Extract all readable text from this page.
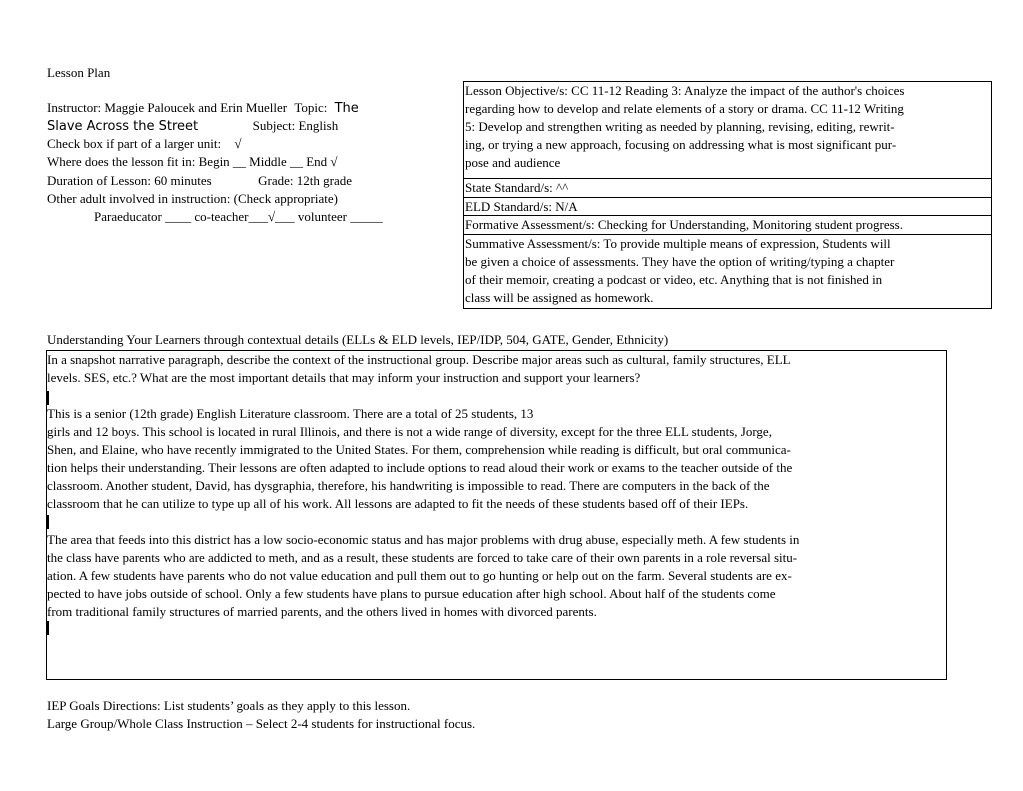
Lesson Plan
Instructor: Maggie Paloucek and Erin Mueller Topic: The
Slave Across the Street	Subject: English
Check box if part of a larger unit: √
Where does the lesson fit in: Begin __ Middle __ End √
Duration of Lesson: 60 minutes	Grade: 12th grade
Other adult involved in instruction: (Check appropriate)
Paraeducator ____ co-teacher___√___ volunteer _____
Lesson Objective/s: CC 11-12 Reading 3: Analyze the impact of the author's choices
regarding how to develop and relate elements of a story or drama. CC 11-12 Writing
5: Develop and strengthen writing as needed by planning, revising, editing, rewrit-
ing, or trying a new approach, focusing on addressing what is most significant pur-
pose and audience
State Standard/s: ^^
ELD Standard/s: N/A
Formative Assessment/s: Checking for Understanding, Monitoring student progress.
Summative Assessment/s: To provide multiple means of expression, Students will
be given a choice of assessments. They have the option of writing/typing a chapter
of their memoir, creating a podcast or video, etc. Anything that is not finished in
class will be assigned as homework.
Understanding Your Learners through contextual details (ELLs & ELD levels, IEP/IDP, 504, GATE, Gender, Ethnicity)
In a snapshot narrative paragraph, describe the context of the instructional group. Describe major areas such as cultural, family structures, ELL
levels. SES, etc.? What are the most important details that may inform your instruction and support your learners?
This is a senior (12th grade) English Literature classroom. There are a total of 25 students, 13
girls and 12 boys. This school is located in rural Illinois, and there is not a wide range of diversity, except for the three ELL students, Jorge,
Shen, and Elaine, who have recently immigrated to the United States. For them, comprehension while reading is difficult, but oral communica-
tion helps their understanding. Their lessons are often adapted to include options to read aloud their work or exams to the teacher outside of the
classroom. Another student, David, has dysgraphia, therefore, his handwriting is impossible to read. There are computers in the back of the
classroom that he can utilize to type up all of his work. All lessons are adapted to fit the needs of these students based off of their IEPs.
The area that feeds into this district has a low socio-economic status and has major problems with drug abuse, especially meth. A few students in
the class have parents who are addicted to meth, and as a result, these students are forced to take care of their own parents in a role reversal situ-
ation. A few students have parents who do not value education and pull them out to go hunting or help out on the farm. Several students are ex-
pected to have jobs outside of school. Only a few students have plans to pursue education after high school. About half of the students come
from traditional family structures of married parents, and the others lived in homes with divorced parents.
IEP Goals Directions: List students’ goals as they apply to this lesson.
Large Group/Whole Class Instruction – Select 2-4 students for instructional focus.
